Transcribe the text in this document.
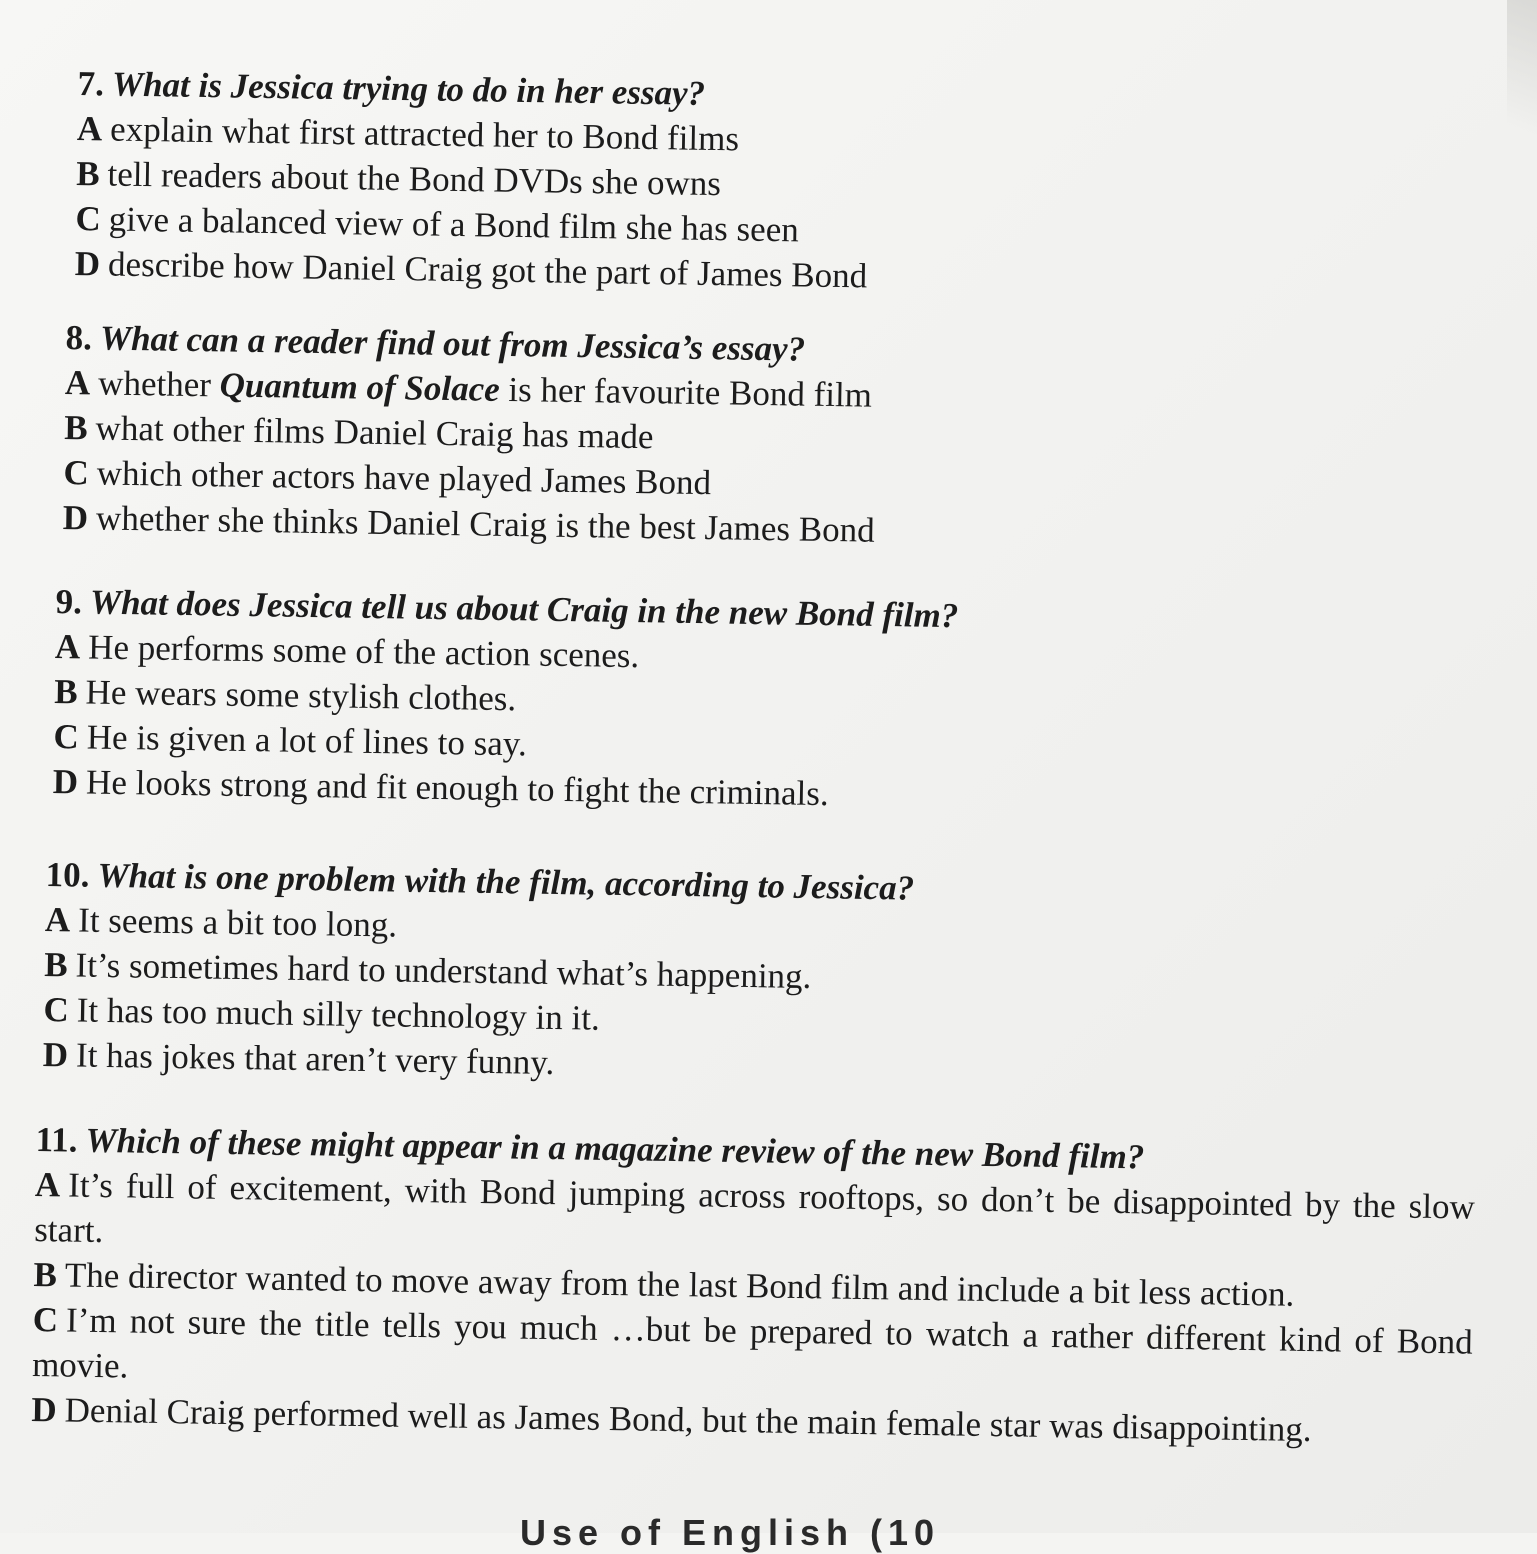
7. What is Jessica trying to do in her essay?
A explain what first attracted her to Bond films
B tell readers about the Bond DVDs she owns
C give a balanced view of a Bond film she has seen
D describe how Daniel Craig got the part of James Bond
8. What can a reader find out from Jessica’s essay?
A whether Quantum of Solace is her favourite Bond film
B what other films Daniel Craig has made
C which other actors have played James Bond
D whether she thinks Daniel Craig is the best James Bond
9. What does Jessica tell us about Craig in the new Bond film?
A He performs some of the action scenes.
B He wears some stylish clothes.
C He is given a lot of lines to say.
D He looks strong and fit enough to fight the criminals.
10. What is one problem with the film, according to Jessica?
A It seems a bit too long.
B It’s sometimes hard to understand what’s happening.
C It has too much silly technology in it.
D It has jokes that aren’t very funny.
11. Which of these might appear in a magazine review of the new Bond film?
A It’s full of excitement, with Bond jumping across rooftops, so don’t be disappointed by the slow start.
B The director wanted to move away from the last Bond film and include a bit less action.
C I’m not sure the title tells you much …but be prepared to watch a rather different kind of Bond movie.
D Denial Craig performed well as James Bond, but the main female star was disappointing.
Use of English (10
